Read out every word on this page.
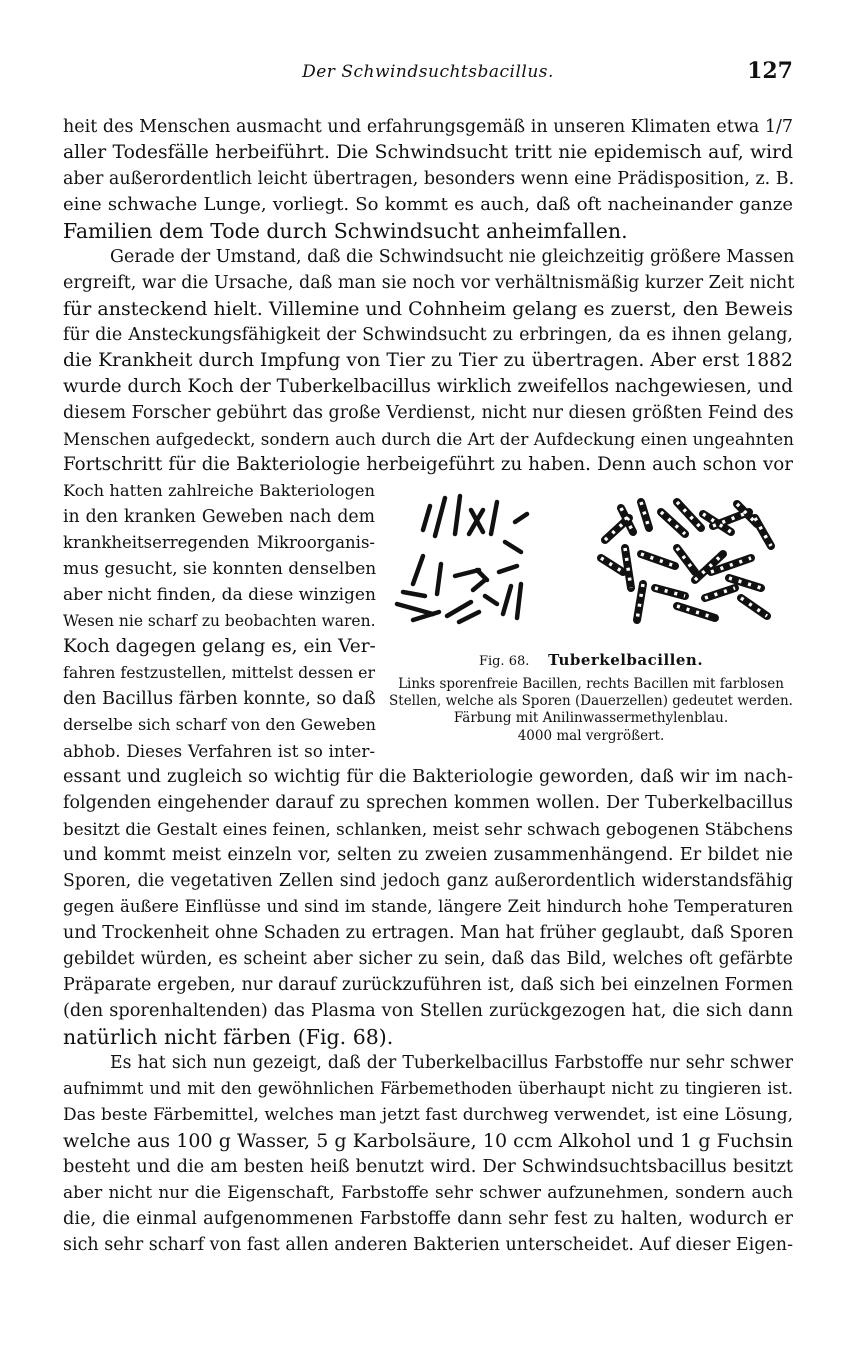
Der Schwindsuchtsbacillus.	127
heit des Menschen ausmacht und erfahrungsgemäß in unseren Klimaten etwa 1/7
aller Todesfälle herbeiführt. Die Schwindsucht tritt nie epidemisch auf, wird
aber außerordentlich leicht übertragen, besonders wenn eine Prädisposition, z. B.
eine schwache Lunge, vorliegt. So kommt es auch, daß oft nacheinander ganze
Familien dem Tode durch Schwindsucht anheimfallen.
Gerade der Umstand, daß die Schwindsucht nie gleichzeitig größere Massen
ergreift, war die Ursache, daß man sie noch vor verhältnismäßig kurzer Zeit nicht
für ansteckend hielt. Villemine und Cohnheim gelang es zuerst, den Beweis
für die Ansteckungsfähigkeit der Schwindsucht zu erbringen, da es ihnen gelang,
die Krankheit durch Impfung von Tier zu Tier zu übertragen. Aber erst 1882
wurde durch Koch der Tuberkelbacillus wirklich zweifellos nachgewiesen, und
diesem Forscher gebührt das große Verdienst, nicht nur diesen größten Feind des
Menschen aufgedeckt, sondern auch durch die Art der Aufdeckung einen ungeahnten
Fortschritt für die Bakteriologie herbeigeführt zu haben. Denn auch schon vor
Koch hatten zahlreiche Bakteriologen
in den kranken Geweben nach dem
krankheitserregenden Mikroorganis-
mus gesucht, sie konnten denselben
aber nicht finden, da diese winzigen
Wesen nie scharf zu beobachten waren.
Koch dagegen gelang es, ein Ver-
fahren festzustellen, mittelst dessen er
den Bacillus färben konnte, so daß
derselbe sich scharf von den Geweben
abhob. Dieses Verfahren ist so inter-
Fig. 68. Tuberkelbacillen.
Links sporenfreie Bacillen, rechts Bacillen mit farblosen
Stellen, welche als Sporen (Dauerzellen) gedeutet werden.
Färbung mit Anilinwassermethylenblau.
4000 mal vergrößert.
essant und zugleich so wichtig für die Bakteriologie geworden, daß wir im nach-
folgenden eingehender darauf zu sprechen kommen wollen. Der Tuberkelbacillus
besitzt die Gestalt eines feinen, schlanken, meist sehr schwach gebogenen Stäbchens
und kommt meist einzeln vor, selten zu zweien zusammenhängend. Er bildet nie
Sporen, die vegetativen Zellen sind jedoch ganz außerordentlich widerstandsfähig
gegen äußere Einflüsse und sind im stande, längere Zeit hindurch hohe Temperaturen
und Trockenheit ohne Schaden zu ertragen. Man hat früher geglaubt, daß Sporen
gebildet würden, es scheint aber sicher zu sein, daß das Bild, welches oft gefärbte
Präparate ergeben, nur darauf zurückzuführen ist, daß sich bei einzelnen Formen
(den sporenhaltenden) das Plasma von Stellen zurückgezogen hat, die sich dann
natürlich nicht färben (Fig. 68).
Es hat sich nun gezeigt, daß der Tuberkelbacillus Farbstoffe nur sehr schwer
aufnimmt und mit den gewöhnlichen Färbemethoden überhaupt nicht zu tingieren ist.
Das beste Färbemittel, welches man jetzt fast durchweg verwendet, ist eine Lösung,
welche aus 100 g Wasser, 5 g Karbolsäure, 10 ccm Alkohol und 1 g Fuchsin
besteht und die am besten heiß benutzt wird. Der Schwindsuchtsbacillus besitzt
aber nicht nur die Eigenschaft, Farbstoffe sehr schwer aufzunehmen, sondern auch
die, die einmal aufgenommenen Farbstoffe dann sehr fest zu halten, wodurch er
sich sehr scharf von fast allen anderen Bakterien unterscheidet. Auf dieser Eigen-
